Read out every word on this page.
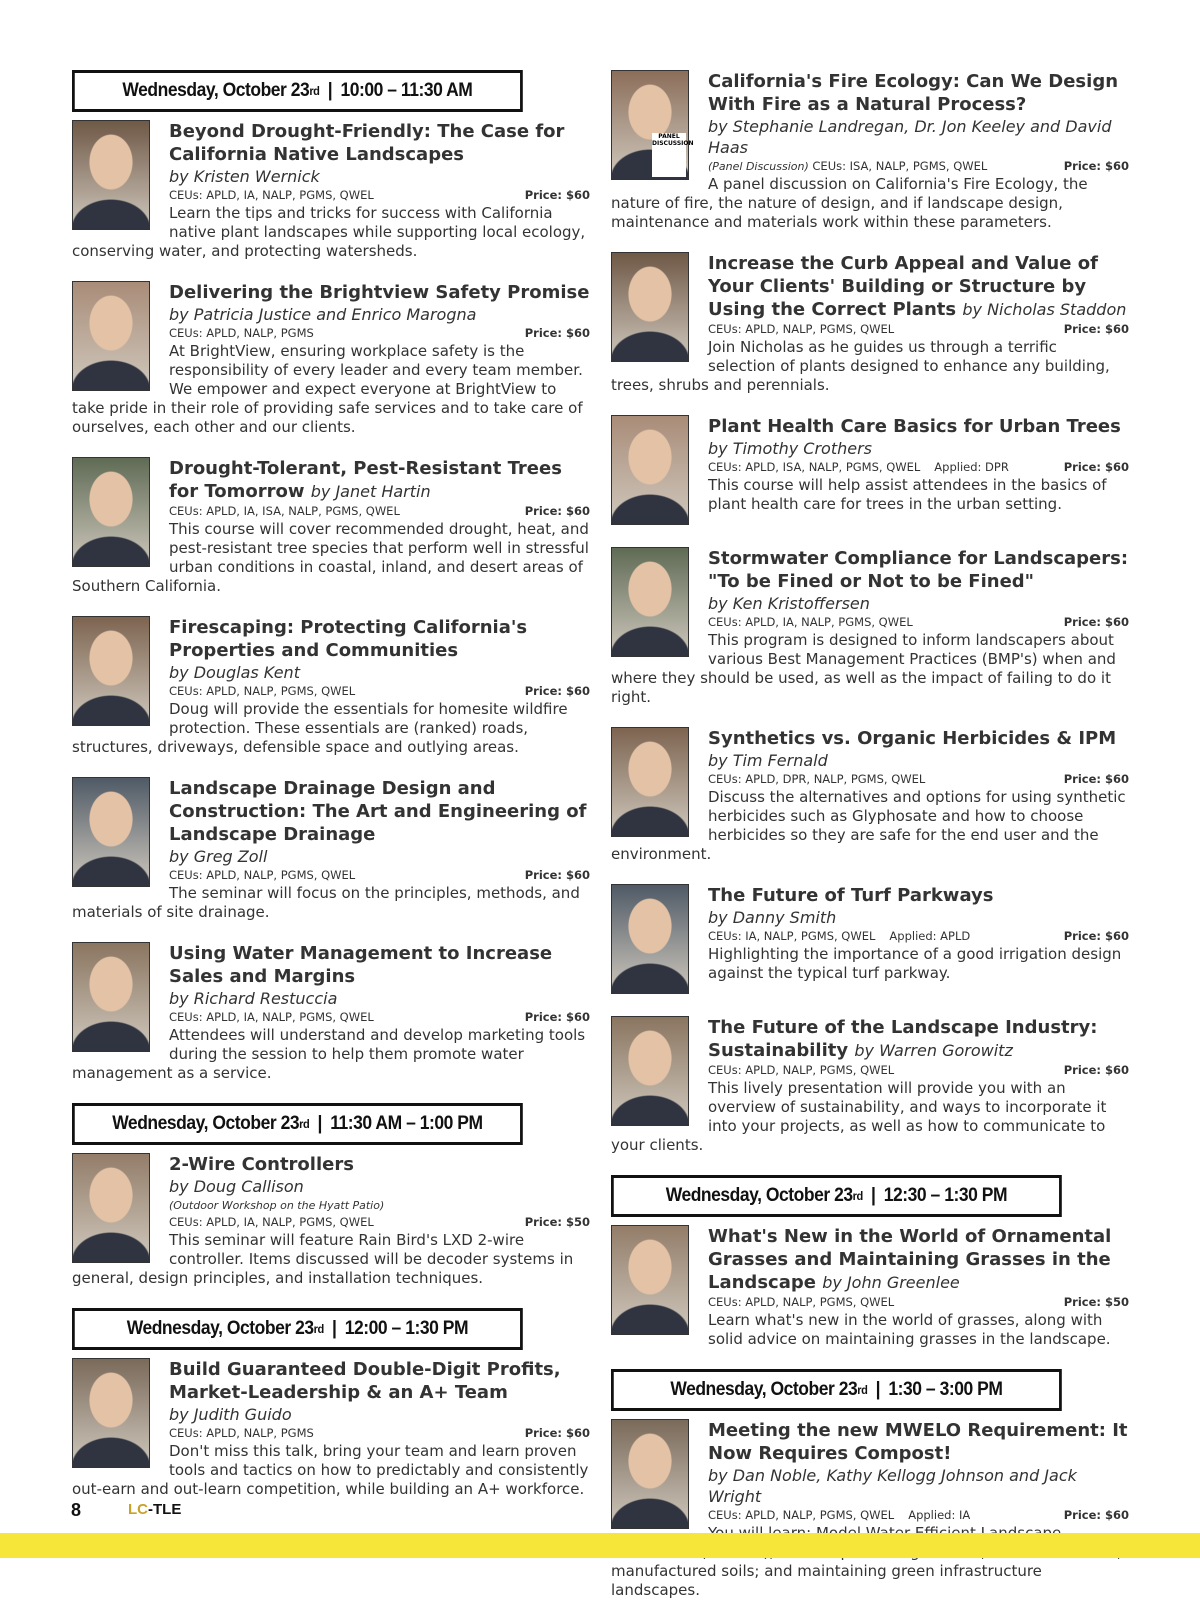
Wednesday, October 23 rd | 10:00 – 11:30 AM
Beyond Drought-Friendly: The Case for California Native Landscapes
by Kristen Wernick
CEUs: APLD, IA, NALP, PGMS, QWEL	Price: $60
Learn the tips and tricks for success with California native plant landscapes while supporting local ecology, conserving water, and protecting watersheds.
Delivering the Brightview Safety Promise
by Patricia Justice and Enrico Marogna
CEUs: APLD, NALP, PGMS	Price: $60
At BrightView, ensuring workplace safety is the responsibility of every leader and every team member. We empower and expect everyone at BrightView to take pride in their role of providing safe services and to take care of ourselves, each other and our clients.
Drought-Tolerant, Pest-Resistant Trees for Tomorrow by Janet Hartin
CEUs: APLD, IA, ISA, NALP, PGMS, QWEL	Price: $60
This course will cover recommended drought, heat, and pest-resistant tree species that perform well in stressful urban conditions in coastal, inland, and desert areas of Southern California.
Firescaping: Protecting California's Properties and Communities
by Douglas Kent
CEUs: APLD, NALP, PGMS, QWEL	Price: $60
Doug will provide the essentials for homesite wildfire protection. These essentials are (ranked) roads, structures, driveways, defensible space and outlying areas.
Landscape Drainage Design and Construction: The Art and Engineering of Landscape Drainage
by Greg Zoll
CEUs: APLD, NALP, PGMS, QWEL	Price: $60
The seminar will focus on the principles, methods, and materials of site drainage.
Using Water Management to Increase Sales and Margins
by Richard Restuccia
CEUs: APLD, IA, NALP, PGMS, QWEL	Price: $60
Attendees will understand and develop marketing tools during the session to help them promote water management as a service.
Wednesday, October 23 rd | 11:30 AM – 1:00 PM
2-Wire Controllers
by Doug Callison
(Outdoor Workshop on the Hyatt Patio)
CEUs: APLD, IA, NALP, PGMS, QWEL	Price: $50
This seminar will feature Rain Bird's LXD 2-wire controller. Items discussed will be decoder systems in general, design principles, and installation techniques.
Wednesday, October 23 rd | 12:00 – 1:30 PM
Build Guaranteed Double-Digit Profits, Market-Leadership & an A+ Team
by Judith Guido
CEUs: APLD, NALP, PGMS	Price: $60
Don't miss this talk, bring your team and learn proven tools and tactics on how to predictably and consistently out-earn and out-learn competition, while building an A+ workforce.
PANEL DISCUSSION
California's Fire Ecology: Can We Design With Fire as a Natural Process?
by Stephanie Landregan, Dr. Jon Keeley and David Haas
(Panel Discussion) CEUs: ISA, NALP, PGMS, QWEL	Price: $60
A panel discussion on California's Fire Ecology, the nature of fire, the nature of design, and if landscape design, maintenance and materials work within these parameters.
Increase the Curb Appeal and Value of Your Clients' Building or Structure by Using the Correct Plants by Nicholas Staddon
CEUs: APLD, NALP, PGMS, QWEL	Price: $60
Join Nicholas as he guides us through a terrific selection of plants designed to enhance any building, trees, shrubs and perennials.
Plant Health Care Basics for Urban Trees
by Timothy Crothers
CEUs: APLD, ISA, NALP, PGMS, QWEL Applied: DPR	Price: $60
This course will help assist attendees in the basics of plant health care for trees in the urban setting.
Stormwater Compliance for Landscapers: "To be Fined or Not to be Fined"
by Ken Kristoffersen
CEUs: APLD, IA, NALP, PGMS, QWEL	Price: $60
This program is designed to inform landscapers about various Best Management Practices (BMP's) when and where they should be used, as well as the impact of failing to do it right.
Synthetics vs. Organic Herbicides & IPM
by Tim Fernald
CEUs: APLD, DPR, NALP, PGMS, QWEL	Price: $60
Discuss the alternatives and options for using synthetic herbicides such as Glyphosate and how to choose herbicides so they are safe for the end user and the environment.
The Future of Turf Parkways
by Danny Smith
CEUs: IA, NALP, PGMS, QWEL Applied: APLD	Price: $60
Highlighting the importance of a good irrigation design against the typical turf parkway.
The Future of the Landscape Industry: Sustainability by Warren Gorowitz
CEUs: APLD, NALP, PGMS, QWEL	Price: $60
This lively presentation will provide you with an overview of sustainability, and ways to incorporate it into your projects, as well as how to communicate to your clients.
Wednesday, October 23 rd | 12:30 – 1:30 PM
What's New in the World of Ornamental Grasses and Maintaining Grasses in the Landscape by John Greenlee
CEUs: APLD, NALP, PGMS, QWEL	Price: $50
Learn what's new in the world of grasses, along with solid advice on maintaining grasses in the landscape.
Wednesday, October 23 rd | 1:30 – 3:00 PM
Meeting the new MWELO Requirement: It Now Requires Compost!
by Dan Noble, Kathy Kellogg Johnson and Jack Wright
CEUs: APLD, NALP, PGMS, QWEL Applied: IA	Price: $60
manufactured soils; and maintaining green infrastructure landscapes.
8	LC-TLE
